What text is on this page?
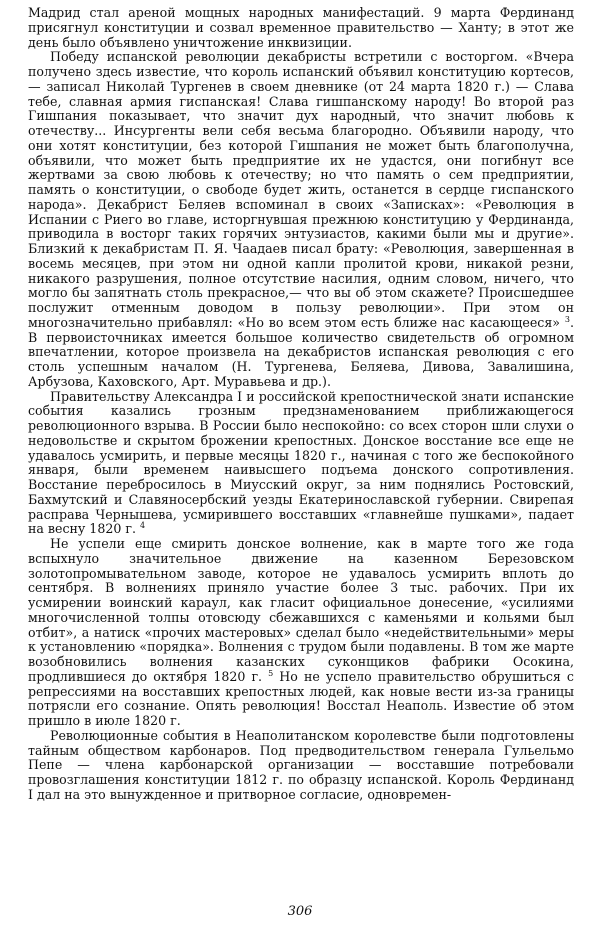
Мадрид стал ареной мощных народных манифестаций. 9 марта Фердинанд присягнул конституции и созвал временное правительство — Ханту; в этот же день было объявлено уничтожение инквизиции.

Победу испанской революции декабристы встретили с восторгом. «Вчера получено здесь известие, что король испанский объявил конституцию кортесов,— записал Николай Тургенев в своем дневнике (от 24 марта 1820 г.) — Слава тебе, славная армия гиспанская! Слава гишпанскому народу! Во второй раз Гишпания показывает, что значит дух народный, что значит любовь к отечеству... Инсургенты вели себя весьма благородно. Объявили народу, что они хотят конституции, без которой Гишпания не может быть благополучна, объявили, что может быть предприятие их не удастся, они погибнут все жертвами за свою любовь к отечеству; но что память о сем предприятии, память о конституции, о свободе будет жить, останется в сердце гиспанского народа». Декабрист Беляев вспоминал в своих «Записках»: «Революция в Испании с Риего во главе, исторгнувшая прежнюю конституцию у Фердинанда, приводила в восторг таких горячих энтузиастов, какими были мы и другие». Близкий к декабристам П. Я. Чаадаев писал брату: «Революция, завершенная в восемь месяцев, при этом ни одной капли пролитой крови, никакой резни, никакого разрушения, полное отсутствие насилия, одним словом, ничего, что могло бы запятнать столь прекрасное,— что вы об этом скажете? Происшедшее послужит отменным доводом в пользу революции». При этом он многозначительно прибавлял: «Но во всем этом есть ближе нас касающееся» $^3$. В первоисточниках имеется большое количество свидетельств об огромном впечатлении, которое произвела на декабристов испанская революция с его столь успешным началом (Н. Тургенева, Беляева, Дивова, Завалишина, Арбузова, Каховского, Арт. Муравьева и др.).

Правительству Александра I и российской крепостнической знати испанские события казались грозным предзнаменованием приближающегося революционного взрыва. В России было неспокойно: со всех сторон шли слухи о недовольстве и скрытом брожении крепостных. Донское восстание все еще не удавалось усмирить, и первые месяцы 1820 г., начиная с того же беспокойного января, были временем наивысшего подъема донского сопротивления. Восстание перебросилось в Миусский округ, за ним поднялись Ростовский, Бахмутский и Славяносербский уезды Екатеринославской губернии. Свирепая расправа Чернышева, усмирившего восставших «главнейше пушками», падает на весну 1820 г. $^4$

Не успели еще смирить донское волнение, как в марте того же года вспыхнуло значительное движение на казенном Березовском золотопромывательном заводе, которое не удавалось усмирить вплоть до сентября. В волнениях приняло участие более 3 тыс. рабочих. При их усмирении воинский караул, как гласит официальное донесение, «усилиями многочисленной толпы отовсюду сбежавшихся с каменьями и кольями был отбит», а натиск «прочих мастеровых» сделал было «недействительными» меры к установлению «порядка». Волнения с трудом были подавлены. В том же марте возобновились волнения казанских суконщиков фабрики Осокина, продлившиеся до октября 1820 г. $^5$ Но не успело правительство обрушиться с репрессиями на восставших крепостных людей, как новые вести из-за границы потрясли его сознание. Опять революция! Восстал Неаполь. Известие об этом пришло в июле 1820 г.

Революционные события в Неаполитанском королевстве были подготовлены тайным обществом карбонаров. Под предводительством генерала Гульельмо Пепе — члена карбонарской организации — восставшие потребовали провозглашения конституции 1812 г. по образцу испанской. Король Фердинанд I дал на это вынужденное и притворное согласие, одновремен-

306
